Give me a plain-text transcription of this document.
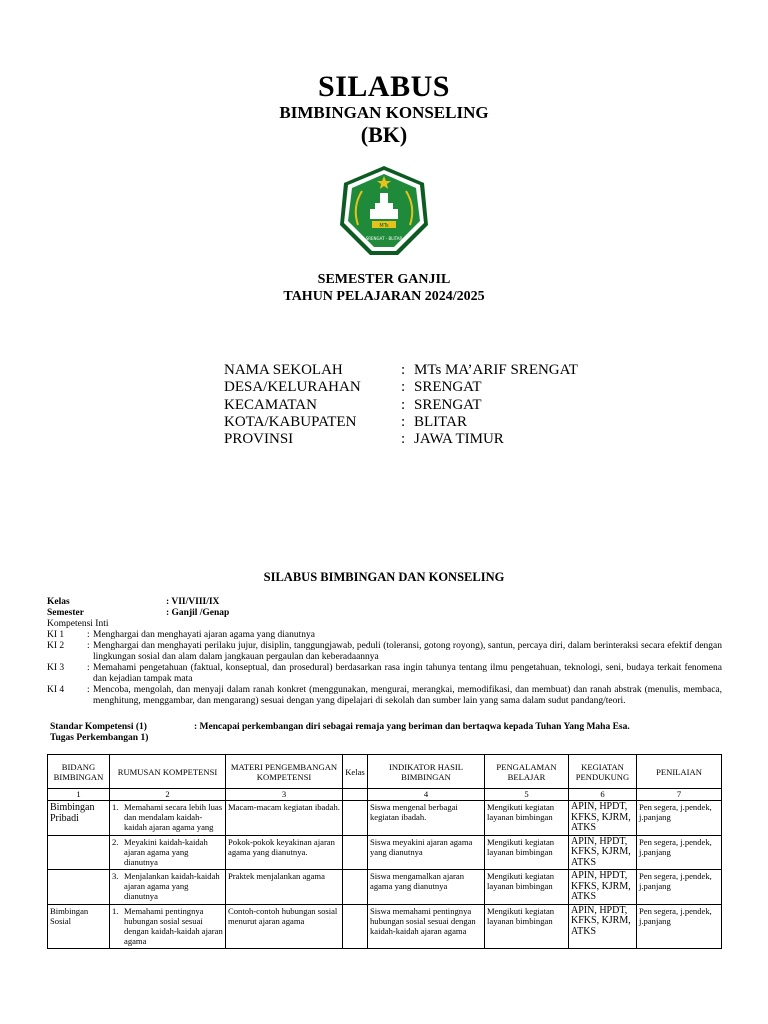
SILABUS
BIMBINGAN KONSELING
(BK)
MTs
SRENGAT - BLITAR
SEMESTER GANJIL
TAHUN PELAJARAN 2024/2025
NAMA SEKOLAH	: MTs MA’ARIF SRENGAT
DESA/KELURAHAN	: SRENGAT
KECAMATAN	: SRENGAT
KOTA/KABUPATEN	: BLITAR
PROVINSI	: JAWA TIMUR
SILABUS BIMBINGAN DAN KONSELING
Kelas	: VII/VIII/IX
Semester	: Ganjil /Genap
Kompetensi Inti
KI 1	: Menghargai dan menghayati ajaran agama yang dianutnya
KI 2	: Menghargai dan menghayati perilaku jujur, disiplin, tanggungjawab, peduli (toleransi, gotong royong), santun, percaya diri, dalam berinteraksi secara efektif dengan lingkungan sosial dan alam dalam jangkauan pergaulan dan keberadaannya
KI 3	: Memahami pengetahuan (faktual, konseptual, dan prosedural) berdasarkan rasa ingin tahunya tentang ilmu pengetahuan, teknologi, seni, budaya terkait fenomena dan kejadian tampak mata
KI 4	: Mencoba, mengolah, dan menyaji dalam ranah konkret (menggunakan, mengurai, merangkai, memodifikasi, dan membuat) dan ranah abstrak (menulis, membaca, menghitung, menggambar, dan mengarang) sesuai dengan yang dipelajari di sekolah dan sumber lain yang sama dalam sudut pandang/teori.
Standar Kompetensi (1)	: Mencapai perkembangan diri sebagai remaja yang beriman dan bertaqwa kepada Tuhan Yang Maha Esa.
Tugas Perkembangan 1)
BIDANG BIMBINGAN	RUMUSAN KOMPETENSI	MATERI PENGEMBANGAN KOMPETENSI	Kelas	INDIKATOR HASIL BIMBINGAN	PENGALAMAN BELAJAR	KEGIATAN PENDUKUNG	PENILAIAN
1	2	3		4	5	6	7
Bimbingan Pribadi	1. Memahami secara lebih luas dan mendalam kaidah-kaidah ajaran agama yang	Macam-macam kegiatan ibadah.		Siswa mengenal berbagai kegiatan ibadah.	Mengikuti kegiatan layanan bimbingan	APIN, HPDT, KFKS, KJRM, ATKS	Pen segera, j.pendek, j.panjang

	2. Meyakini kaidah-kaidah ajaran agama yang dianutnya	Pokok-pokok keyakinan ajaran agama yang dianutnya.		Siswa meyakini ajaran agama yang dianutnya	Mengikuti kegiatan layanan bimbingan	APIN, HPDT, KFKS, KJRM, ATKS	Pen segera, j.pendek, j.panjang

	3. Menjalankan kaidah-kaidah ajaran agama yang dianutnya	Praktek menjalankan agama		Siswa mengamalkan ajaran agama yang dianutnya	Mengikuti kegiatan layanan bimbingan	APIN, HPDT, KFKS, KJRM, ATKS	Pen segera, j.pendek, j.panjang
Bimbingan Sosial	1. Memahami pentingnya hubungan sosial sesuai dengan kaidah-kaidah ajaran agama	Contoh-contoh hubungan sosial menurut ajaran agama		Siswa memahami pentingnya hubungan sosial sesuai dengan kaidah-kaidah ajaran agama	Mengikuti kegiatan layanan bimbingan	APIN, HPDT, KFKS, KJRM, ATKS	Pen segera, j.pendek, j.panjang
